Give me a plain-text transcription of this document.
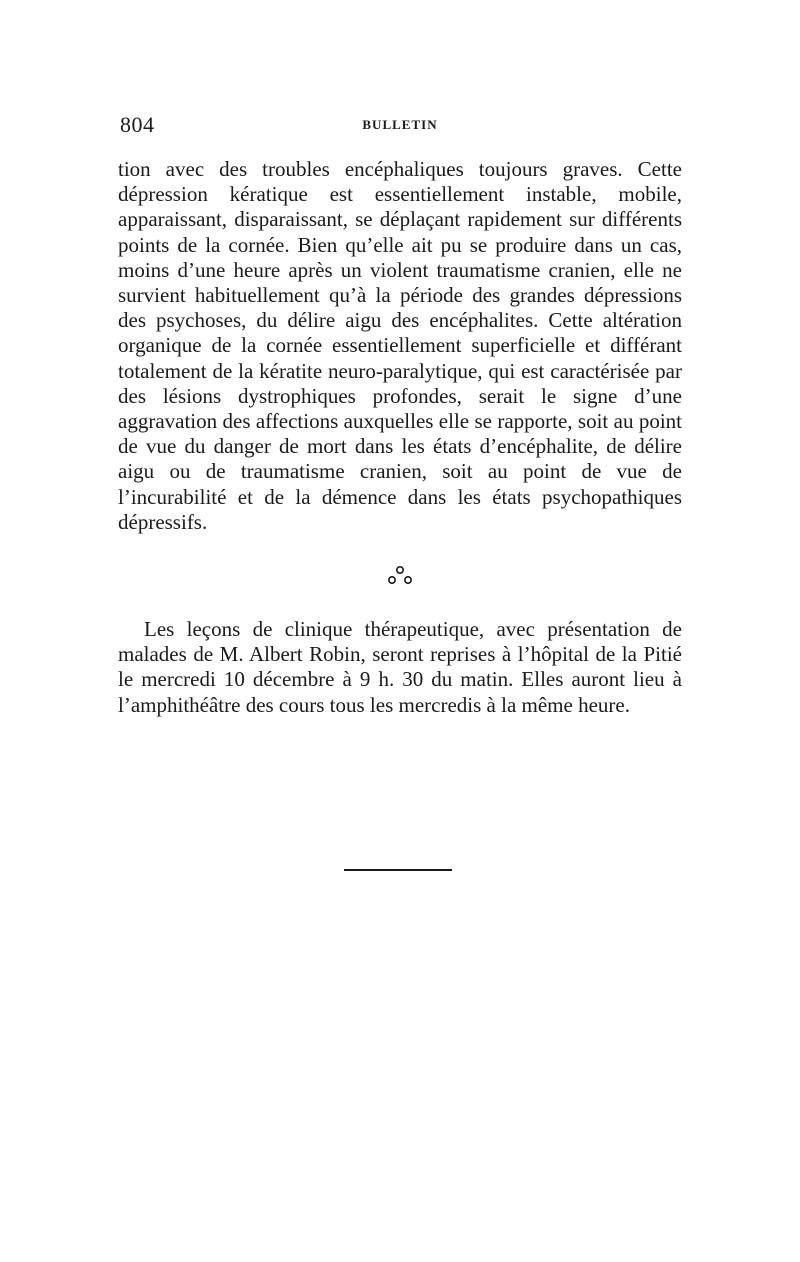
804	BULLETIN

tion avec des troubles encéphaliques toujours graves. Cette dépression kératique est essentiellement instable, mobile, apparaissant, disparaissant, se déplaçant rapidement sur différents points de la cornée. Bien qu’elle ait pu se produire dans un cas, moins d’une heure après un violent traumatisme cranien, elle ne survient habituellement qu’à la période des grandes dépressions des psychoses, du délire aigu des encéphalites. Cette altération organique de la cornée essentiellement superficielle et différant totalement de la kératite neuro-paralytique, qui est caractérisée par des lésions dystrophiques profondes, serait le signe d’une aggravation des affections auxquelles elle se rapporte, soit au point de vue du danger de mort dans les états d’encéphalite, de délire aigu ou de traumatisme cranien, soit au point de vue de l’incurabilité et de la démence dans les états psychopathiques dépressifs.

Les leçons de clinique thérapeutique, avec présentation de malades de M. Albert Robin, seront reprises à l’hôpital de la Pitié le mercredi 10 décembre à 9 h. 30 du matin. Elles auront lieu à l’amphithéâtre des cours tous les mercredis à la même heure.
